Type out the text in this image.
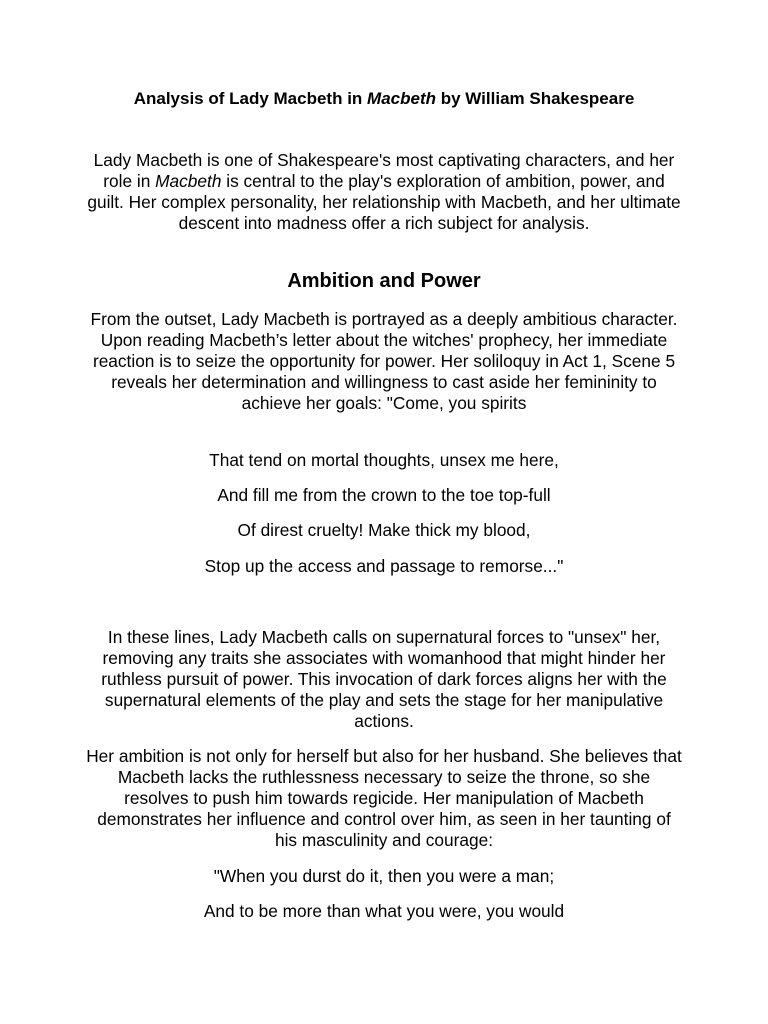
Analysis of Lady Macbeth in Macbeth by William Shakespeare
Lady Macbeth is one of Shakespeare's most captivating characters, and her role in Macbeth is central to the play's exploration of ambition, power, and guilt. Her complex personality, her relationship with Macbeth, and her ultimate descent into madness offer a rich subject for analysis.
Ambition and Power
From the outset, Lady Macbeth is portrayed as a deeply ambitious character. Upon reading Macbeth’s letter about the witches' prophecy, her immediate reaction is to seize the opportunity for power. Her soliloquy in Act 1, Scene 5 reveals her determination and willingness to cast aside her femininity to achieve her goals: "Come, you spirits
That tend on mortal thoughts, unsex me here,
And fill me from the crown to the toe top-full
Of direst cruelty! Make thick my blood,
Stop up the access and passage to remorse..."
In these lines, Lady Macbeth calls on supernatural forces to "unsex" her, removing any traits she associates with womanhood that might hinder her ruthless pursuit of power. This invocation of dark forces aligns her with the supernatural elements of the play and sets the stage for her manipulative actions.
Her ambition is not only for herself but also for her husband. She believes that Macbeth lacks the ruthlessness necessary to seize the throne, so she resolves to push him towards regicide. Her manipulation of Macbeth demonstrates her influence and control over him, as seen in her taunting of his masculinity and courage:
"When you durst do it, then you were a man;
And to be more than what you were, you would
